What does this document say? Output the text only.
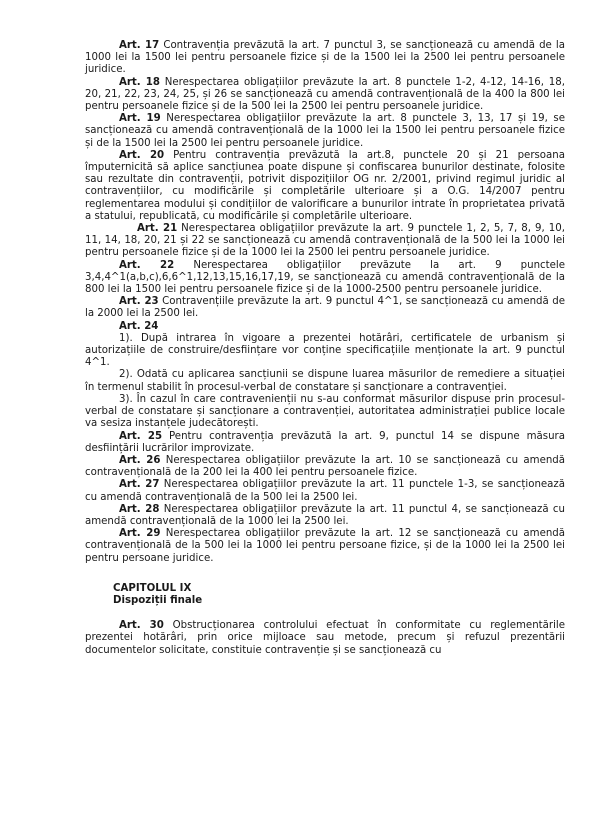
Art. 17 Contravenția prevăzută la art. 7 punctul 3, se sancționează cu amendă de la 1000 lei la 1500 lei pentru persoanele fizice și de la 1500 lei la 2500 lei pentru persoanele juridice.

Art. 18 Nerespectarea obligațiilor prevăzute la art. 8 punctele 1-2, 4-12, 14-16, 18, 20, 21, 22, 23, 24, 25, și 26 se sancționează cu amendă contravențională de la 400 la 800 lei pentru persoanele fizice și de la 500 lei la 2500 lei pentru persoanele juridice.

Art. 19 Nerespectarea obligațiilor prevăzute la art. 8 punctele 3, 13, 17 și 19, se sancționează cu amendă contravențională de la 1000 lei la 1500 lei pentru persoanele fizice și de la 1500 lei la 2500 lei pentru persoanele juridice.

Art. 20 Pentru contravenția prevăzută la art.8, punctele 20 și 21 persoana împuternicită să aplice sancțiunea poate dispune și confiscarea bunurilor destinate, folosite sau rezultate din contravenții, potrivit dispozițiilor OG nr. 2/2001, privind regimul juridic al contravențiilor, cu modificările și completările ulterioare și a O.G. 14/2007 pentru reglementarea modului și condițiilor de valorificare a bunurilor intrate în proprietatea privată a statului, republicată, cu modificările și completările ulterioare.

Art. 21 Nerespectarea obligațiilor prevăzute la art. 9 punctele 1, 2, 5, 7, 8, 9, 10, 11, 14, 18, 20, 21 și 22 se sancționează cu amendă contravențională de la 500 lei la 1000 lei pentru persoanele fizice și de la 1000 lei la 2500 lei pentru persoanele juridice.

Art. 22 Nerespectarea obligațiilor prevăzute la art. 9 punctele 3,4,4^1(a,b,c),6,6^1,12,13,15,16,17,19, se sancționează cu amendă contravențională de la 800 lei la 1500 lei pentru persoanele fizice și de la 1000-2500 pentru persoanele juridice.

Art. 23 Contravențiile prevăzute la art. 9 punctul 4^1, se sancționează cu amendă de la 2000 lei la 2500 lei.

Art. 24

1). După intrarea în vigoare a prezentei hotărâri, certificatele de urbanism și autorizațiile de construire/desființare vor conține specificațiile menționate la art. 9 punctul 4^1.

2). Odată cu aplicarea sancțiunii se dispune luarea măsurilor de remediere a situației în termenul stabilit în procesul-verbal de constatare și sancționare a contravenției.

3). În cazul în care contravenienții nu s-au conformat măsurilor dispuse prin procesul-verbal de constatare și sancționare a contravenției, autoritatea administrației publice locale va sesiza instanțele judecătorești.

Art. 25 Pentru contravenția prevăzută la art. 9, punctul 14 se dispune măsura desființării lucrărilor improvizate.

Art. 26 Nerespectarea obligațiilor prevăzute la art. 10 se sancționează cu amendă contravențională de la 200 lei la 400 lei pentru persoanele fizice.

Art. 27 Nerespectarea obligațiilor prevăzute la art. 11 punctele 1-3, se sancționează cu amendă contravențională de la 500 lei la 2500 lei.

Art. 28 Nerespectarea obligațiilor prevăzute la art. 11 punctul 4, se sancționează cu amendă contravențională de la 1000 lei la 2500 lei.

Art. 29 Nerespectarea obligațiilor prevăzute la art. 12 se sancționează cu amendă contravențională de la 500 lei la 1000 lei pentru persoane fizice, și de la 1000 lei la 2500 lei pentru persoane juridice.

CAPITOLUL IX

Dispoziții finale

Art. 30 Obstrucționarea controlului efectuat în conformitate cu reglementările prezentei hotărâri, prin orice mijloace sau metode, precum și refuzul prezentării documentelor solicitate, constituie contravenție și se sancționează cu
